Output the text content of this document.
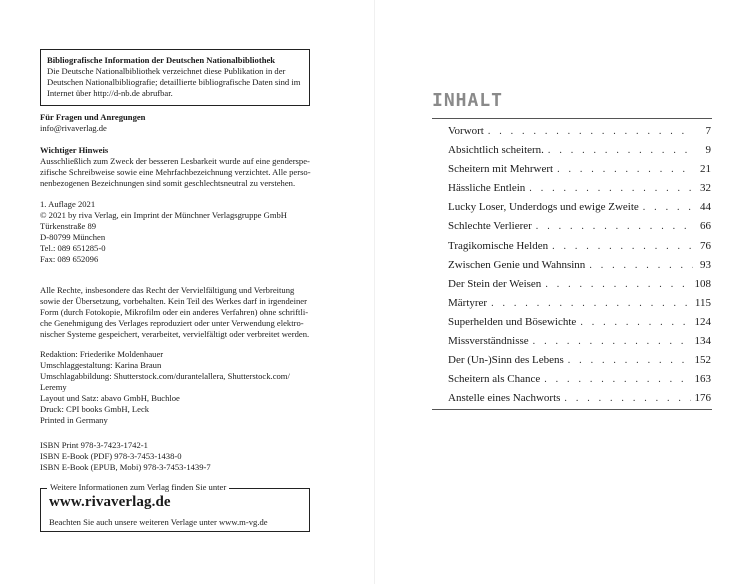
Bibliografische Information der Deutschen Nationalbibliothek
Die Deutsche Nationalbibliothek verzeichnet diese Publikation in der
Deutschen Nationalbibliografie; detaillierte bibliografische Daten sind im
Internet über http://d-nb.de abrufbar.
Für Fragen und Anregungen
info@rivaverlag.de
Wichtiger Hinweis
Ausschließlich zum Zweck der besseren Lesbarkeit wurde auf eine genderspe-
zifische Schreibweise sowie eine Mehrfachbezeichnung verzichtet. Alle perso-
nenbezogenen Bezeichnungen sind somit geschlechtsneutral zu verstehen.
1. Auflage 2021
© 2021 by riva Verlag, ein Imprint der Münchner Verlagsgruppe GmbH
Türkenstraße 89
D-80799 München
Tel.: 089 651285-0
Fax: 089 652096
Alle Rechte, insbesondere das Recht der Vervielfältigung und Verbreitung
sowie der Übersetzung, vorbehalten. Kein Teil des Werkes darf in irgendeiner
Form (durch Fotokopie, Mikrofilm oder ein anderes Verfahren) ohne schriftli-
che Genehmigung des Verlages reproduziert oder unter Verwendung elektro-
nischer Systeme gespeichert, verarbeitet, vervielfältigt oder verbreitet werden.
Redaktion: Friederike Moldenhauer
Umschlaggestaltung: Karina Braun
Umschlagabbildung: Shutterstock.com/durantelallera, Shutterstock.com/
Leremy
Layout und Satz: abavo GmbH, Buchloe
Druck: CPI books GmbH, Leck
Printed in Germany
ISBN Print 978-3-7423-1742-1
ISBN E-Book (PDF) 978-3-7453-1438-0
ISBN E-Book (EPUB, Mobi) 978-3-7453-1439-7
Weitere Informationen zum Verlag finden Sie unter
www.rivaverlag.de
Beachten Sie auch unsere weiteren Verlage unter www.m-vg.de
INHALT
Vorwort . . .	7
Absichtlich scheitern. . . .	9
Scheitern mit Mehrwert . . .	21
Hässliche Entlein . . .	32
Lucky Loser, Underdogs und ewige Zweite . . .	44
Schlechte Verlierer . . .	66
Tragikomische Helden . . .	76
Zwischen Genie und Wahnsinn . . .	93
Der Stein der Weisen . . .	108
Märtyrer . . .	115
Superhelden und Bösewichte . . .	124
Missverständnisse . . .	134
Der (Un-)Sinn des Lebens . . .	152
Scheitern als Chance . . .	163
Anstelle eines Nachworts . . .	176
